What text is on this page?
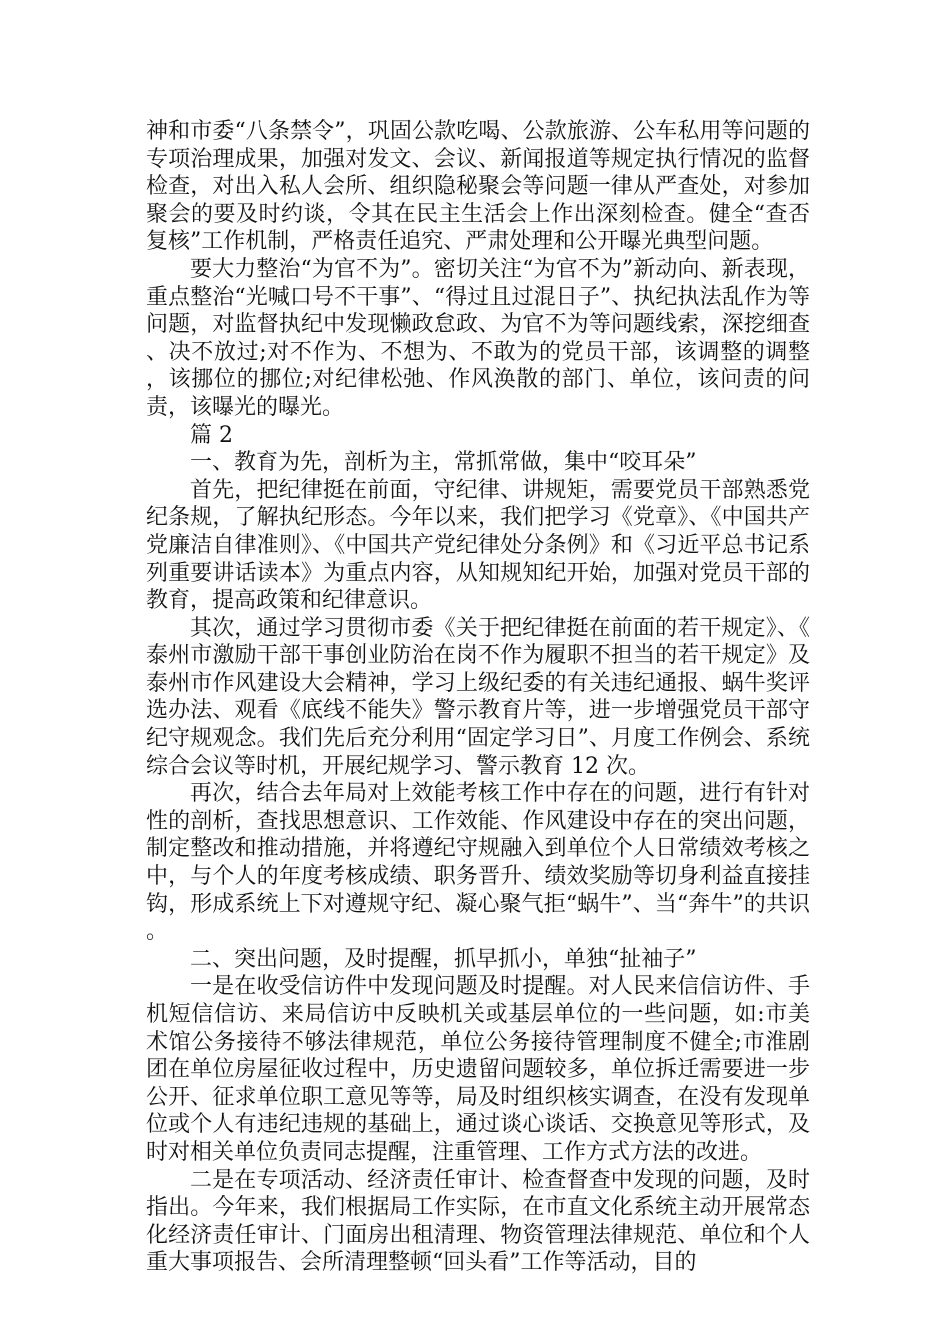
神和市委“八条禁令”，巩固公款吃喝、公款旅游、公车私用等问题的专项治理成果，加强对发文、会议、新闻报道等规定执行情况的监督检查，对出入私人会所、组织隐秘聚会等问题一律从严查处，对参加聚会的要及时约谈，令其在民主生活会上作出深刻检查。健全“查否复核”工作机制，严格责任追究、严肃处理和公开曝光典型问题。

要大力整治“为官不为”。密切关注“为官不为”新动向、新表现，重点整治“光喊口号不干事”、“得过且过混日子”、执纪执法乱作为等问题，对监督执纪中发现懒政怠政、为官不为等问题线索，深挖细查、决不放过;对不作为、不想为、不敢为的党员干部，该调整的调整，该挪位的挪位;对纪律松弛、作风涣散的部门、单位，该问责的问责，该曝光的曝光。

篇 2

一、教育为先，剖析为主，常抓常做，集中“咬耳朵”

首先，把纪律挺在前面，守纪律、讲规矩，需要党员干部熟悉党纪条规，了解执纪形态。今年以来，我们把学习《党章》、《中国共产党廉洁自律准则》、《中国共产党纪律处分条例》和《习近平总书记系列重要讲话读本》为重点内容，从知规知纪开始，加强对党员干部的教育，提高政策和纪律意识。

其次，通过学习贯彻市委《关于把纪律挺在前面的若干规定》、《泰州市激励干部干事创业防治在岗不作为履职不担当的若干规定》及泰州市作风建设大会精神，学习上级纪委的有关违纪通报、蜗牛奖评选办法、观看《底线不能失》警示教育片等，进一步增强党员干部守纪守规观念。我们先后充分利用“固定学习日”、月度工作例会、系统综合会议等时机，开展纪规学习、警示教育 12 次。

再次，结合去年局对上效能考核工作中存在的问题，进行有针对性的剖析，查找思想意识、工作效能、作风建设中存在的突出问题，制定整改和推动措施，并将遵纪守规融入到单位个人日常绩效考核之中，与个人的年度考核成绩、职务晋升、绩效奖励等切身利益直接挂钩，形成系统上下对遵规守纪、凝心聚气拒“蜗牛”、当“奔牛”的共识。

二、突出问题，及时提醒，抓早抓小，单独“扯袖子”

一是在收受信访件中发现问题及时提醒。对人民来信信访件、手机短信信访、来局信访中反映机关或基层单位的一些问题，如:市美术馆公务接待不够法律规范，单位公务接待管理制度不健全;市淮剧团在单位房屋征收过程中，历史遗留问题较多，单位拆迁需要进一步公开、征求单位职工意见等等，局及时组织核实调查，在没有发现单位或个人有违纪违规的基础上，通过谈心谈话、交换意见等形式，及时对相关单位负责同志提醒，注重管理、工作方式方法的改进。

二是在专项活动、经济责任审计、检查督查中发现的问题，及时指出。今年来，我们根据局工作实际，在市直文化系统主动开展常态化经济责任审计、门面房出租清理、物资管理法律规范、单位和个人重大事项报告、会所清理整顿“回头看”工作等活动，目的
